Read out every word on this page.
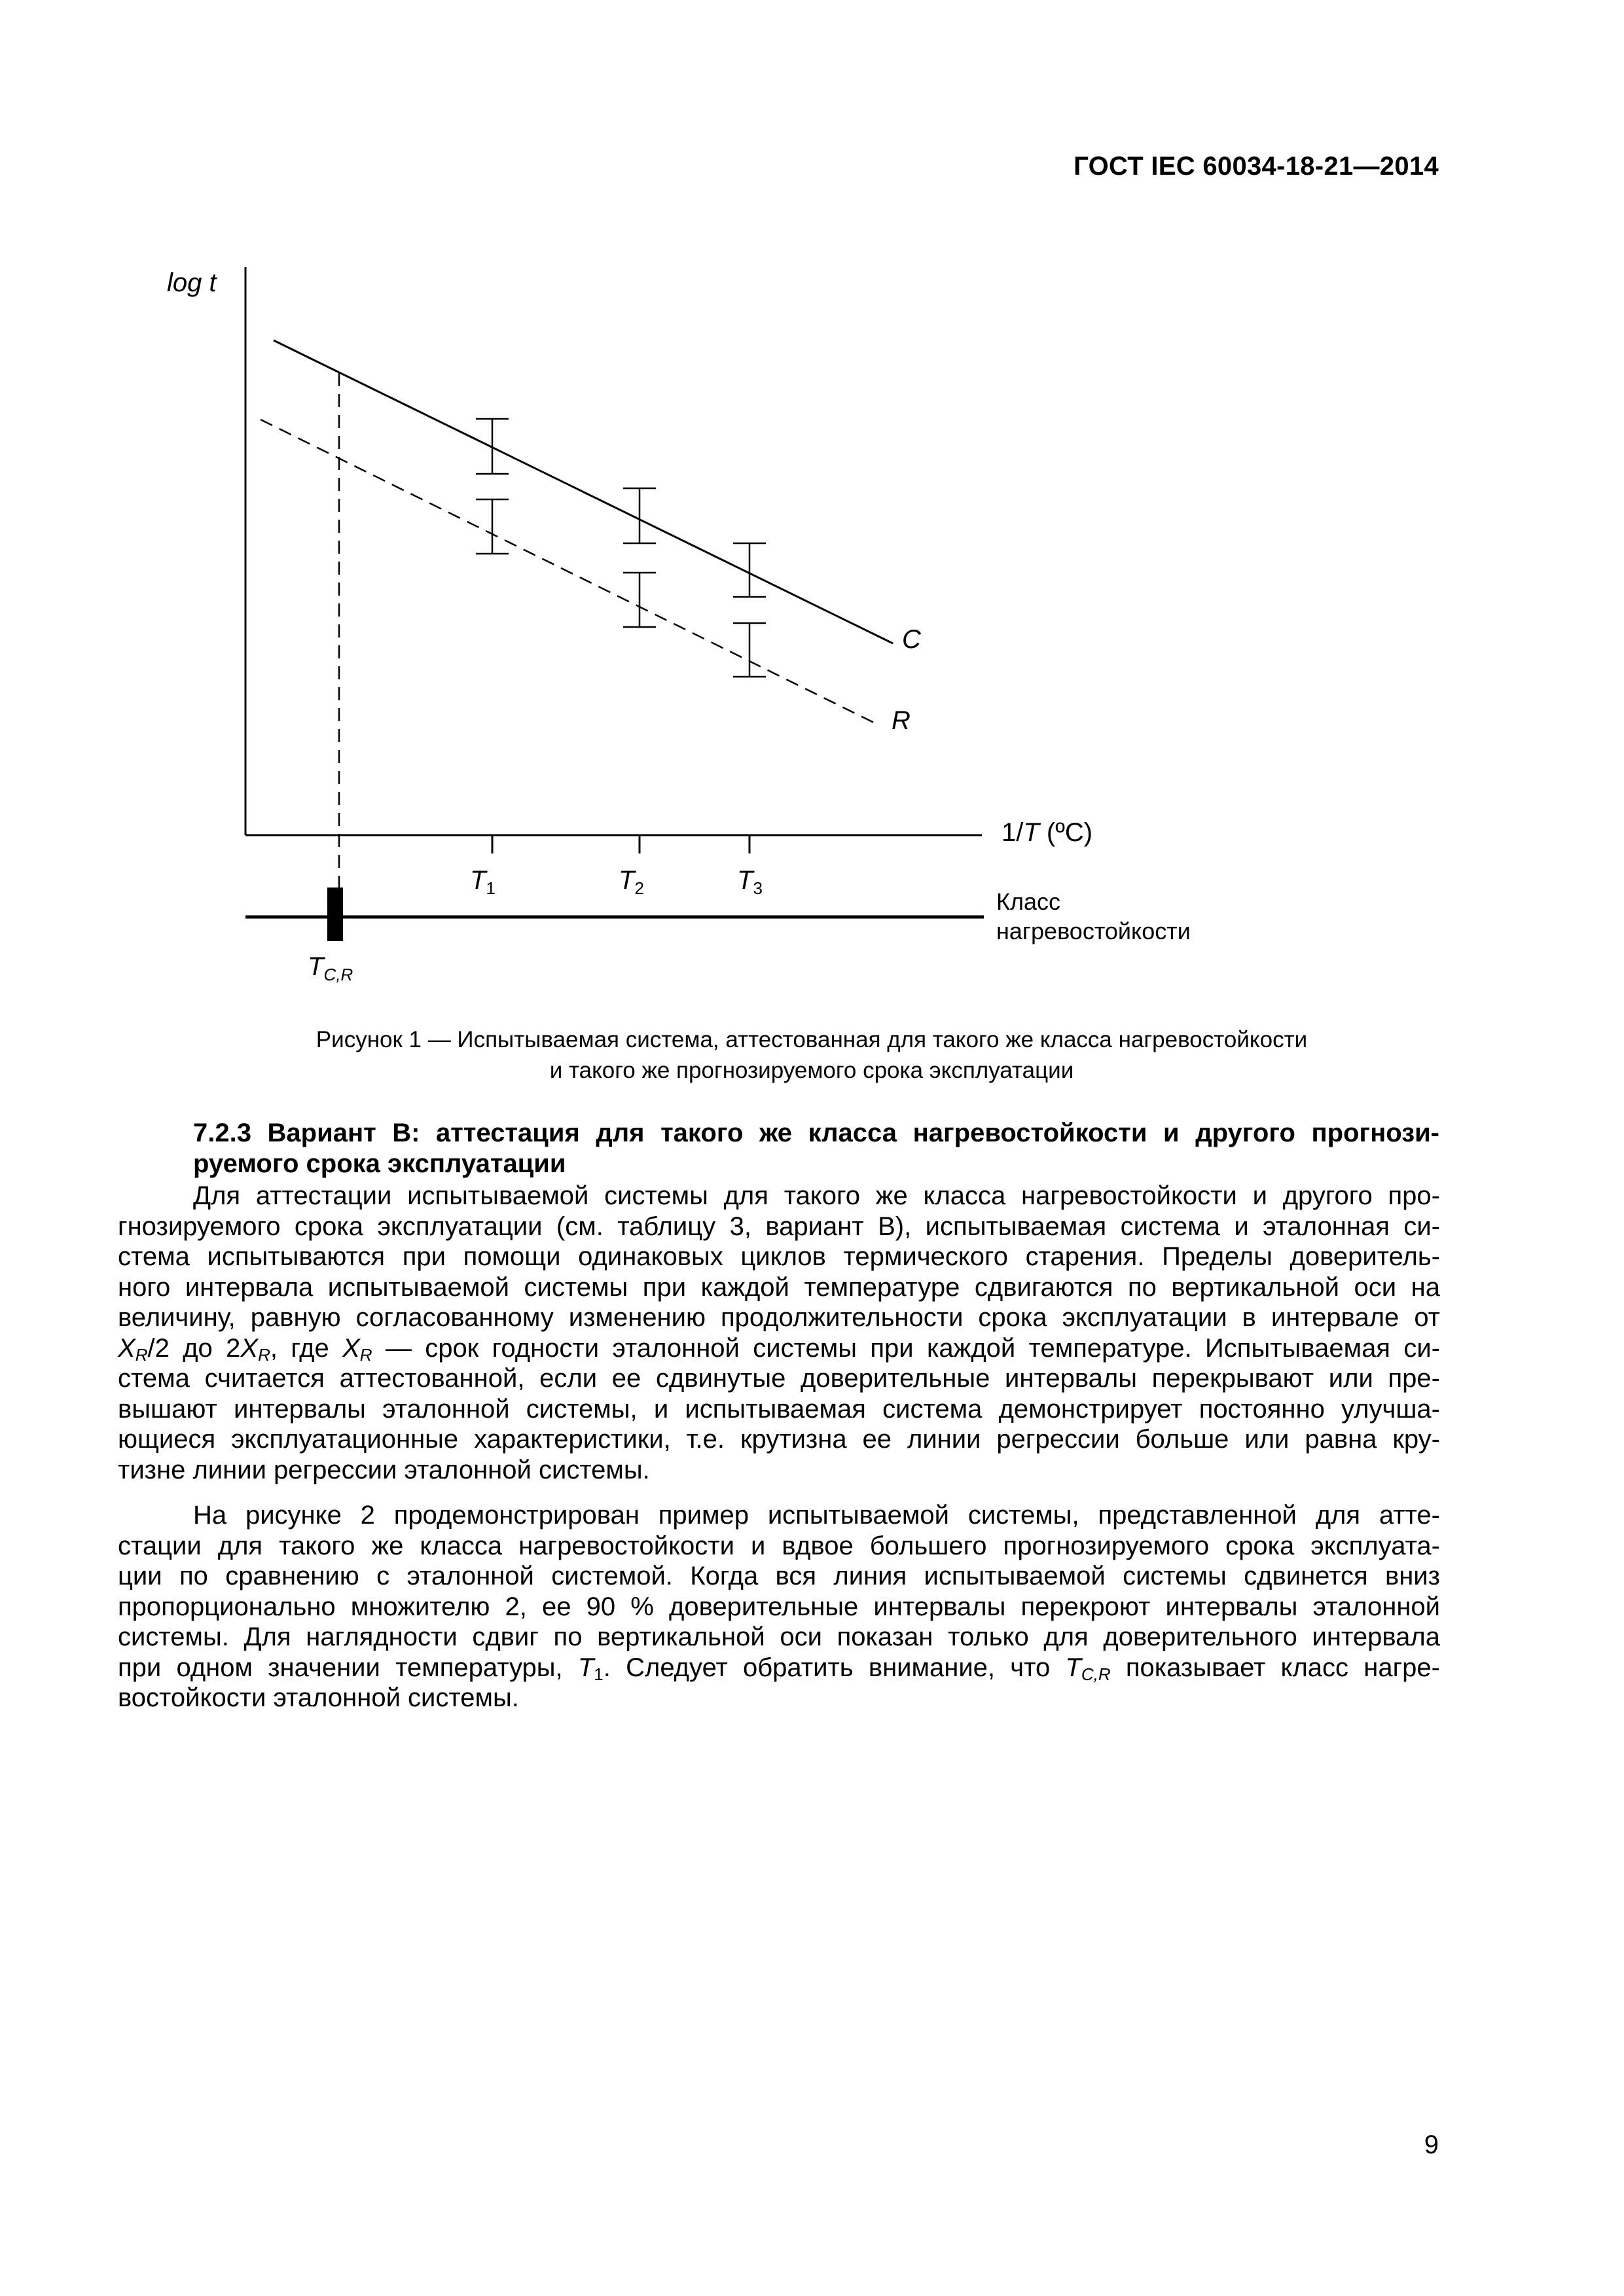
ГОСТ IEC 60034-18-21—2014
log t
C
R
1/T (ºC)
$T_1$	$T_2$	$T_3$	Класс
нагревостойкости
$T_{C,R}$
Рисунок 1 — Испытываемая система, аттестованная для такого же класса нагревостойкости
и такого же прогнозируемого срока эксплуатации
7.2.3 Вариант В: аттестация для такого же класса нагревостойкости и другого прогнози-
руемого срока эксплуатации
Для аттестации испытываемой системы для такого же класса нагревостойкости и другого про-
гнозируемого срока эксплуатации (см. таблицу 3, вариант В), испытываемая система и эталонная си-
стема испытываются при помощи одинаковых циклов термического старения. Пределы доверитель-
ного интервала испытываемой системы при каждой температуре сдвигаются по вертикальной оси на
величину, равную согласованному изменению продолжительности срока эксплуатации в интервале от
$X_R/2$ до $2X_R$, где $X_R$ — срок годности эталонной системы при каждой температуре. Испытываемая си-
стема считается аттестованной, если ее сдвинутые доверительные интервалы перекрывают или пре-
вышают интервалы эталонной системы, и испытываемая система демонстрирует постоянно улучша-
ющиеся эксплуатационные характеристики, т.е. крутизна ее линии регрессии больше или равна кру-
тизне линии регрессии эталонной системы.
На рисунке 2 продемонстрирован пример испытываемой системы, представленной для атте-
стации для такого же класса нагревостойкости и вдвое большего прогнозируемого срока эксплуата-
ции по сравнению с эталонной системой. Когда вся линия испытываемой системы сдвинется вниз
пропорционально множителю 2, ее 90 % доверительные интервалы перекроют интервалы эталонной
системы. Для наглядности сдвиг по вертикальной оси показан только для доверительного интервала
при одном значении температуры, $T_1$. Следует обратить внимание, что $T_{C,R}$ показывает класс нагре-
востойкости эталонной системы.
9
